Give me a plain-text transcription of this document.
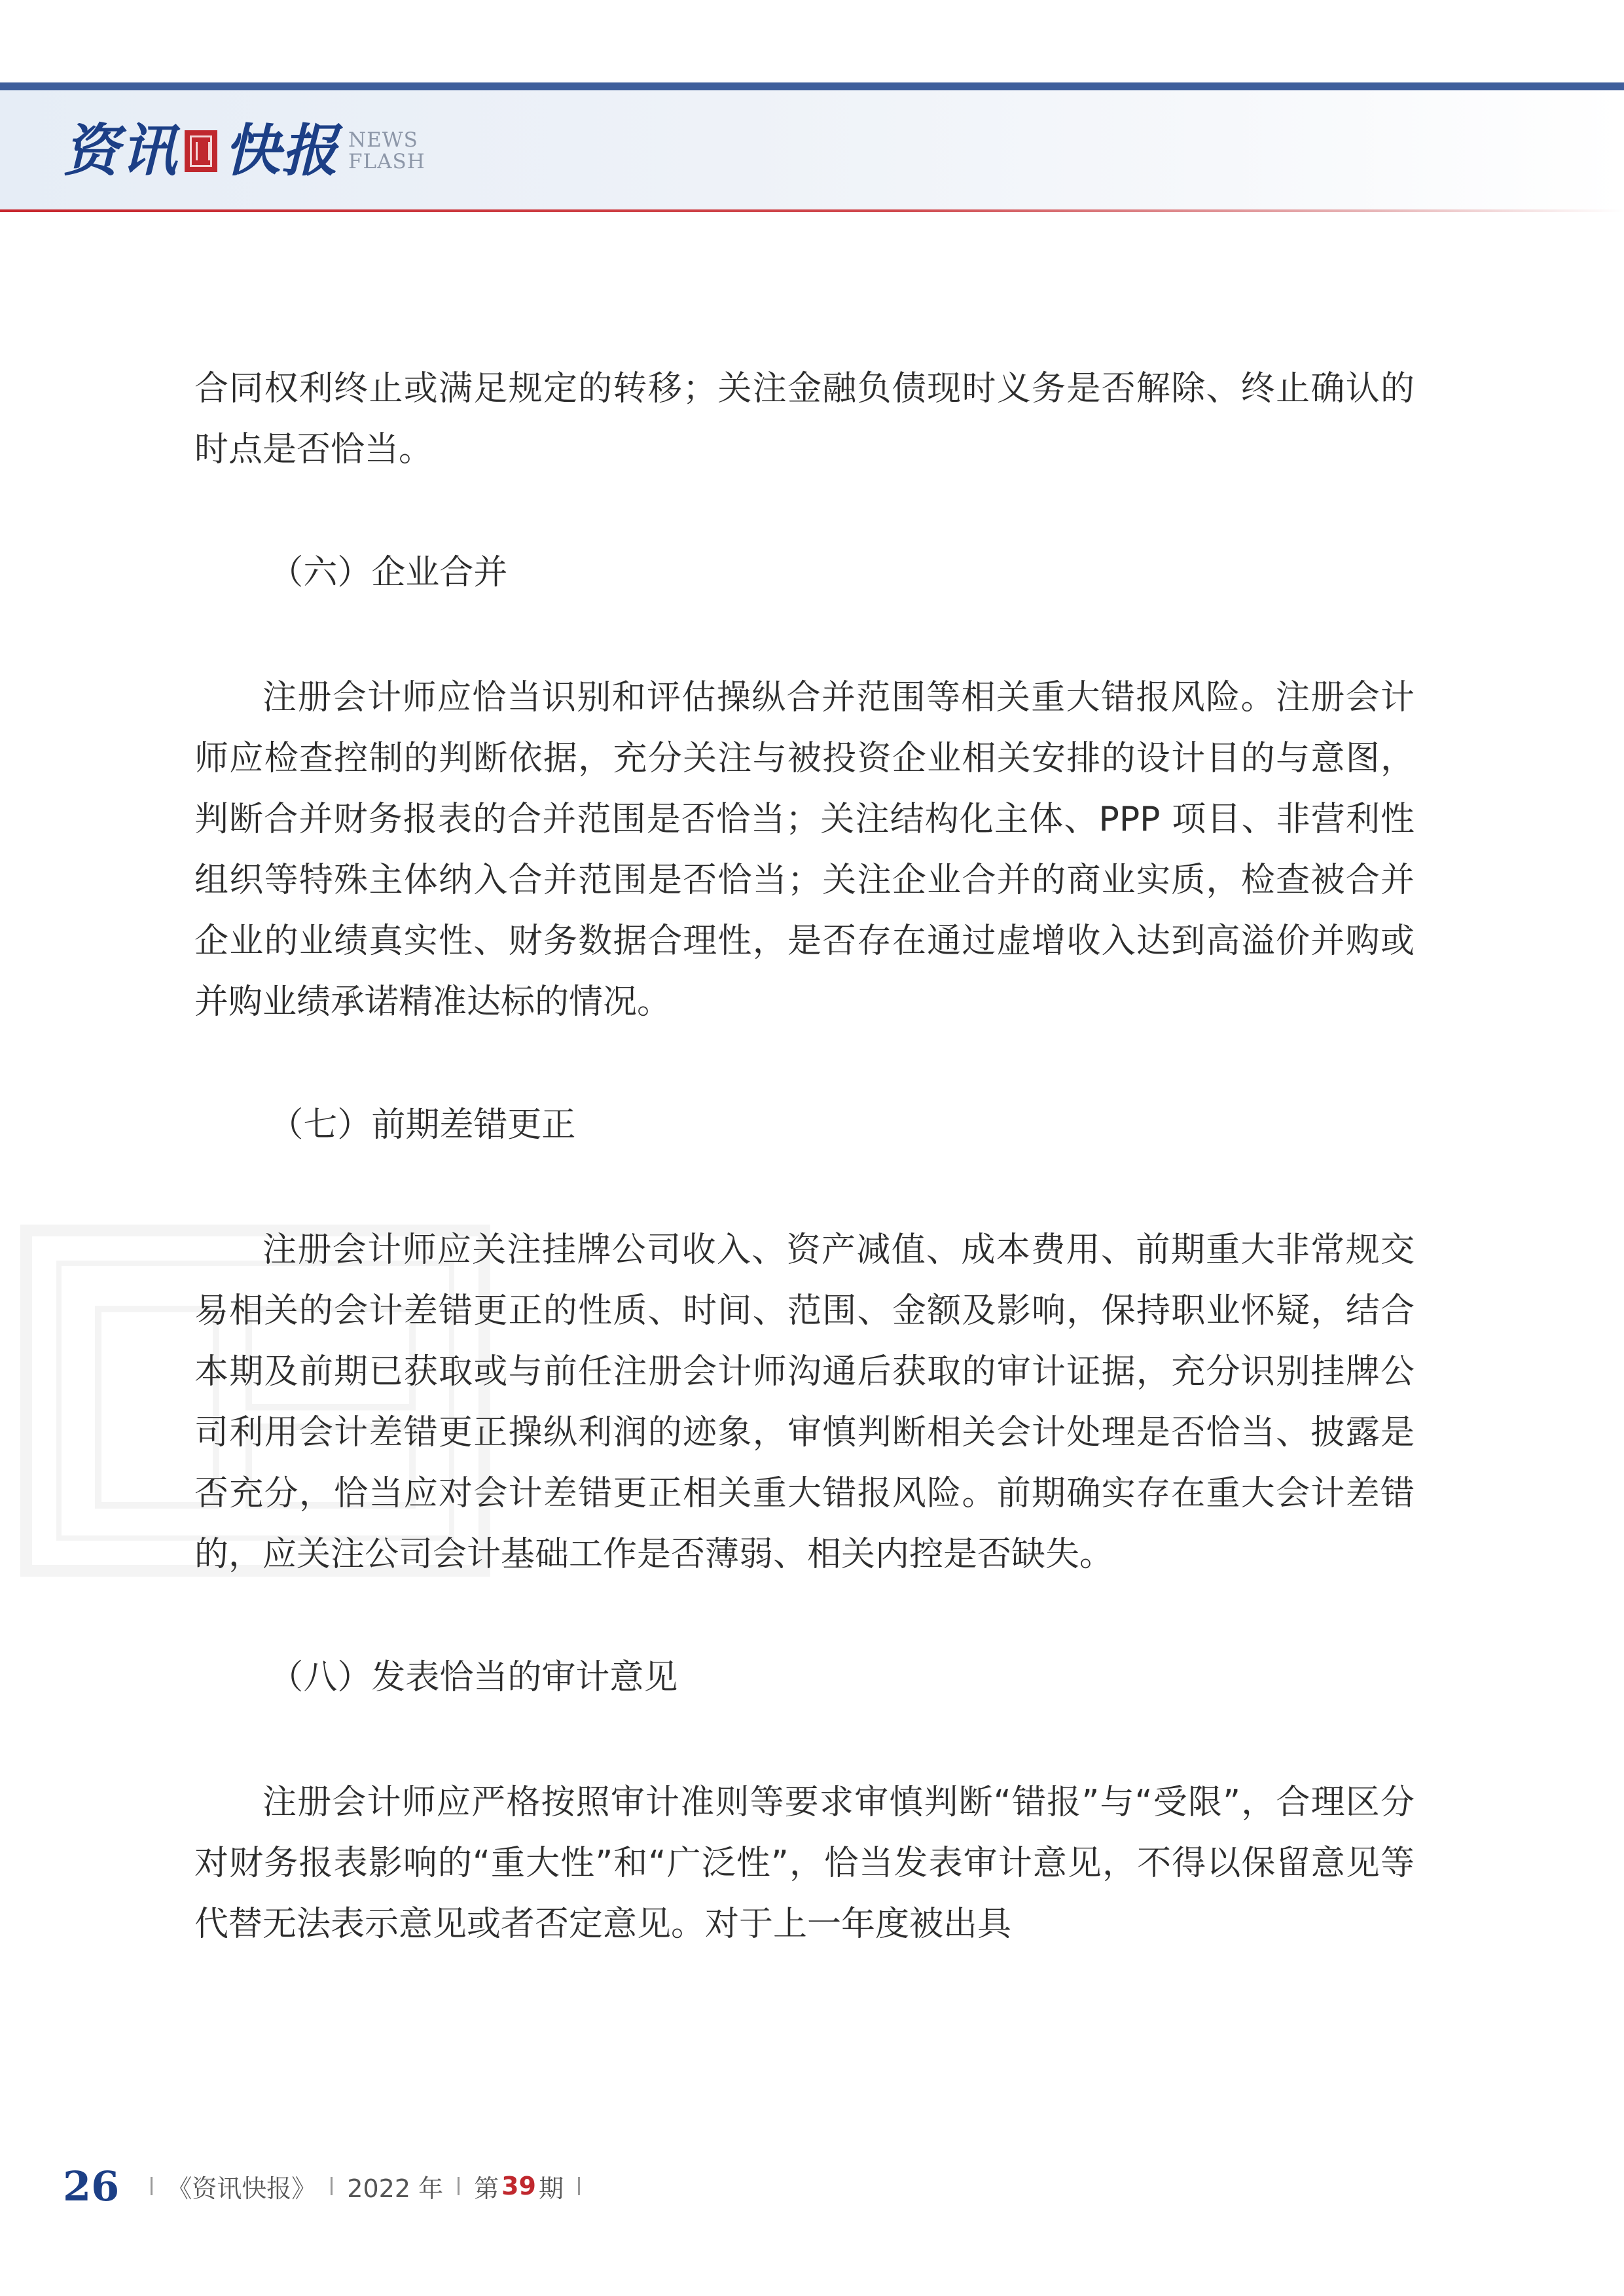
资讯 快报 NEWS
FLASH

合同权利终止或满足规定的转移；关注金融负债现时义务是否解除、终止确认的时点是否恰当。

（六）企业合并

注册会计师应恰当识别和评估操纵合并范围等相关重大错报风险。注册会计师应检查控制的判断依据，充分关注与被投资企业相关安排的设计目的与意图，判断合并财务报表的合并范围是否恰当；关注结构化主体、PPP 项目、非营利性组织等特殊主体纳入合并范围是否恰当；关注企业合并的商业实质，检查被合并企业的业绩真实性、财务数据合理性，是否存在通过虚增收入达到高溢价并购或并购业绩承诺精准达标的情况。

（七）前期差错更正

注册会计师应关注挂牌公司收入、资产减值、成本费用、前期重大非常规交易相关的会计差错更正的性质、时间、范围、金额及影响，保持职业怀疑，结合本期及前期已获取或与前任注册会计师沟通后获取的审计证据，充分识别挂牌公司利用会计差错更正操纵利润的迹象，审慎判断相关会计处理是否恰当、披露是否充分，恰当应对会计差错更正相关重大错报风险。前期确实存在重大会计差错的，应关注公司会计基础工作是否薄弱、相关内控是否缺失。

（八）发表恰当的审计意见

注册会计师应严格按照审计准则等要求审慎判断“错报”与“受限”，合理区分对财务报表影响的“重大性”和“广泛性”，恰当发表审计意见，不得以保留意见等代替无法表示意见或者否定意见。对于上一年度被出具

26 《资讯快报》 2022 年 第 39 期
